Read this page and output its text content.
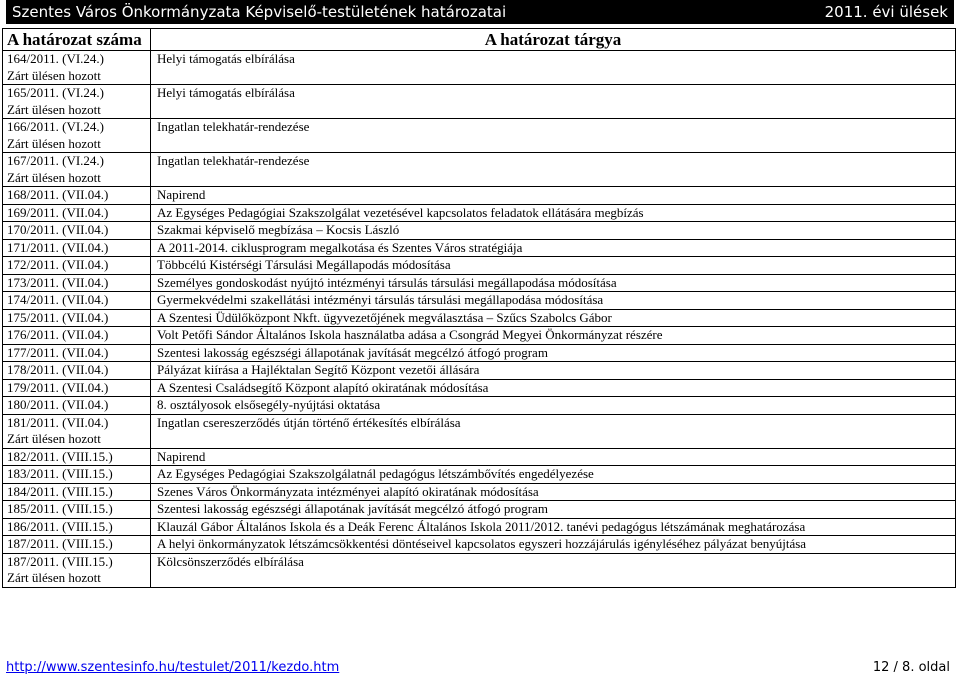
Szentes Város Önkormányzata Képviselő-testületének határozatai	2011. évi ülések
A határozat száma	A határozat tárgya

164/2011. (VI.24.)
Zárt ülésen hozott	Helyi támogatás elbírálása

165/2011. (VI.24.)
Zárt ülésen hozott	Helyi támogatás elbírálása

166/2011. (VI.24.)
Zárt ülésen hozott	Ingatlan telekhatár-rendezése

167/2011. (VI.24.)
Zárt ülésen hozott	Ingatlan telekhatár-rendezése

168/2011. (VII.04.)	Napirend

169/2011. (VII.04.)	Az Egységes Pedagógiai Szakszolgálat vezetésével kapcsolatos feladatok ellátására megbízás

170/2011. (VII.04.)	Szakmai képviselő megbízása – Kocsis László

171/2011. (VII.04.)	A 2011-2014. ciklusprogram megalkotása és Szentes Város stratégiája

172/2011. (VII.04.)	Többcélú Kistérségi Társulási Megállapodás módosítása

173/2011. (VII.04.)	Személyes gondoskodást nyújtó intézményi társulás társulási megállapodása módosítása

174/2011. (VII.04.)	Gyermekvédelmi szakellátási intézményi társulás társulási megállapodása módosítása

175/2011. (VII.04.)	A Szentesi Üdülőközpont Nkft. ügyvezetőjének megválasztása – Szűcs Szabolcs Gábor

176/2011. (VII.04.)	Volt Petőfi Sándor Általános Iskola használatba adása a Csongrád Megyei Önkormányzat részére

177/2011. (VII.04.)	Szentesi lakosság egészségi állapotának javítását megcélzó átfogó program

178/2011. (VII.04.)	Pályázat kiírása a Hajléktalan Segítő Központ vezetői állására

179/2011. (VII.04.)	A Szentesi Családsegítő Központ alapító okiratának módosítása

180/2011. (VII.04.)	8. osztályosok elsősegély-nyújtási oktatása

181/2011. (VII.04.)
Zárt ülésen hozott	Ingatlan csereszerződés útján történő értékesítés elbírálása

182/2011. (VIII.15.)	Napirend

183/2011. (VIII.15.)	Az Egységes Pedagógiai Szakszolgálatnál pedagógus létszámbővítés engedélyezése

184/2011. (VIII.15.)	Szenes Város Önkormányzata intézményei alapító okiratának módosítása

185/2011. (VIII.15.)	Szentesi lakosság egészségi állapotának javítását megcélzó átfogó program

186/2011. (VIII.15.)	Klauzál Gábor Általános Iskola és a Deák Ferenc Általános Iskola 2011/2012. tanévi pedagógus létszámának meghatározása

187/2011. (VIII.15.)	A helyi önkormányzatok létszámcsökkentési döntéseivel kapcsolatos egyszeri hozzájárulás igényléséhez pályázat benyújtása

187/2011. (VIII.15.)
Zárt ülésen hozott	Kölcsönszerződés elbírálása
http://www.szentesinfo.hu/testulet/2011/kezdo.htm	12 / 8. oldal
